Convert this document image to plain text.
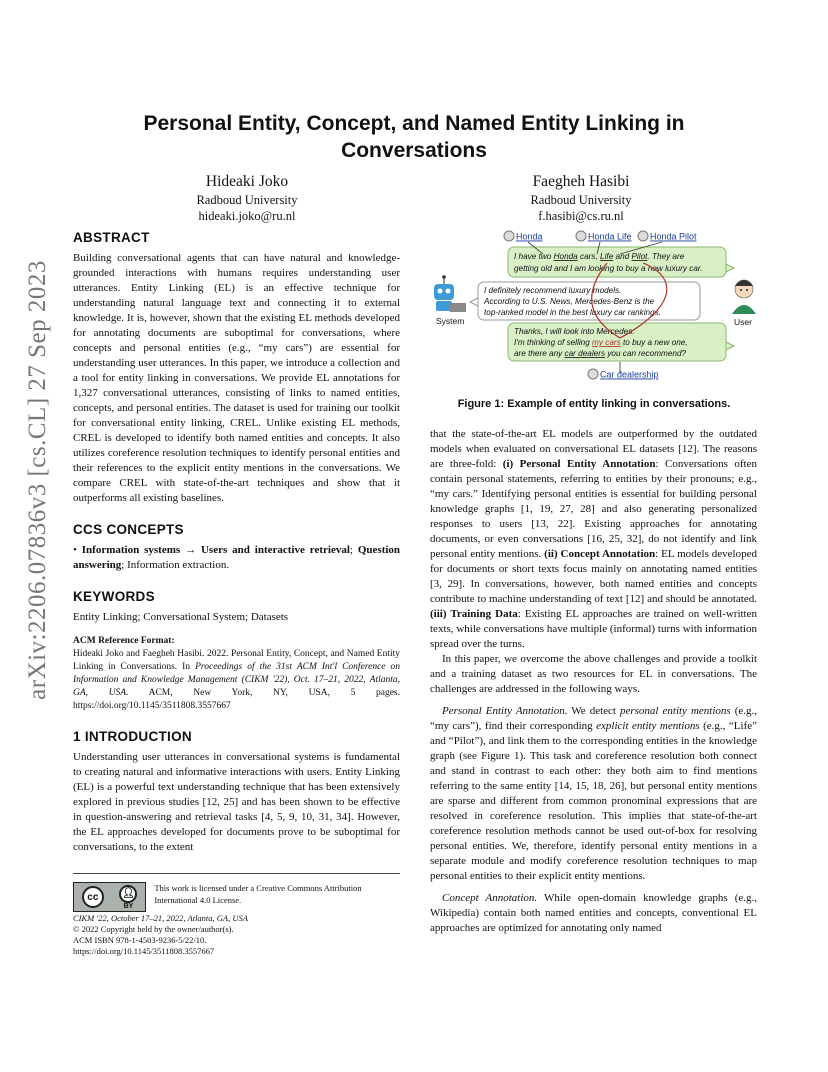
arXiv:2206.07836v3 [cs.CL] 27 Sep 2023
Personal Entity, Concept, and Named Entity Linking in Conversations
Hideaki Joko
Radboud University
hideaki.joko@ru.nl
Faegheh Hasibi
Radboud University
f.hasibi@cs.ru.nl
ABSTRACT

Building conversational agents that can have natural and knowledge-grounded interactions with humans requires understanding user utterances. Entity Linking (EL) is an effective technique for understanding natural language text and connecting it to external knowledge. It is, however, shown that the existing EL methods developed for annotating documents are suboptimal for conversations, where concepts and personal entities (e.g., “my cars”) are essential for understanding user utterances. In this paper, we introduce a collection and a tool for entity linking in conversations. We provide EL annotations for 1,327 conversational utterances, consisting of links to named entities, concepts, and personal entities. The dataset is used for training our toolkit for conversational entity linking, CREL. Unlike existing EL methods, CREL is developed to identify both named entities and concepts. It also utilizes coreference resolution techniques to identify personal entities and their references to the explicit entity mentions in the conversations. We compare CREL with state-of-the-art techniques and show that it outperforms all existing baselines.

CCS CONCEPTS

• Information systems → Users and interactive retrieval; Question answering; Information extraction.

KEYWORDS

Entity Linking; Conversational System; Datasets

ACM Reference Format:
Hideaki Joko and Faegheh Hasibi. 2022. Personal Entity, Concept, and Named Entity Linking in Conversations. In Proceedings of the 31st ACM Int'l Conference on Information and Knowledge Management (CIKM '22), Oct. 17–21, 2022, Atlanta, GA, USA. ACM, New York, NY, USA, 5 pages. https://doi.org/10.1145/3511808.3557667

1 INTRODUCTION

Understanding user utterances in conversational systems is fundamental to creating natural and informative interactions with users. Entity Linking (EL) is a powerful text understanding technique that has been extensively explored in previous studies [12, 25] and has been shown to be effective in question-answering and retrieval tasks [4, 5, 9, 10, 31, 34]. However, the EL approaches developed for documents prove to be suboptimal for conversations, to the extent

cc	👤︎
BY
This work is licensed under a Creative Commons Attribution International 4.0 License.
CIKM '22, October 17–21, 2022, Atlanta, GA, USA
© 2022 Copyright held by the owner/author(s).
ACM ISBN 978-1-4503-9236-5/22/10.
https://doi.org/10.1145/3511808.3557667
Honda	Honda Life Honda Pilot
I have two Honda cars, Life and Pilot. They are
getting old and I am looking to buy a new luxury car.
I definitely recommend luxury models.
According to U.S. News, Mercedes-Benz is the
top-ranked model in the best luxury car rankings.
Thanks, I will look into Mercedes.
I'm thinking of selling my cars to buy a new one,
are there any car dealers you can recommend?
System	User
Car dealership
Figure 1: Example of entity linking in conversations.

that the state-of-the-art EL models are outperformed by the outdated models when evaluated on conversational EL datasets [12]. The reasons are three-fold: (i) Personal Entity Annotation: Conversations often contain personal statements, referring to entities by their pronouns; e.g., “my cars.” Identifying personal entities is essential for building personal knowledge graphs [1, 19, 27, 28] and also generating personalized responses to users [13, 22]. Existing approaches for annotating documents, or even conversations [16, 25, 32], do not identify and link personal entity mentions. (ii) Concept Annotation: EL models developed for documents or short texts focus mainly on annotating named entities [3, 29]. In conversations, however, both named entities and concepts contribute to machine understanding of text [12] and should be annotated. (iii) Training Data: Existing EL approaches are trained on well-written texts, while conversations have multiple (informal) turns with information spread over the turns.

In this paper, we overcome the above challenges and provide a toolkit and a training dataset as two resources for EL in conversations. The challenges are addressed in the following ways.

Personal Entity Annotation. We detect personal entity mentions (e.g., “my cars”), find their corresponding explicit entity mentions (e.g., “Life” and “Pilot”), and link them to the corresponding entities in the knowledge graph (see Figure 1). This task and coreference resolution both connect and stand in contrast to each other: they both aim to find mentions referring to the same entity [14, 15, 18, 26], but personal entity mentions are sparse and different from common pronominal expressions that are resolved in coreference resolution. This implies that state-of-the-art coreference resolution methods cannot be used out-of-box for resolving personal entities. We, therefore, identify personal entity mentions in a separate module and modify coreference resolution techniques to map personal entities to their explicit entity mentions.

Concept Annotation. While open-domain knowledge graphs (e.g., Wikipedia) contain both named entities and concepts, conventional EL approaches are optimized for annotating only named
